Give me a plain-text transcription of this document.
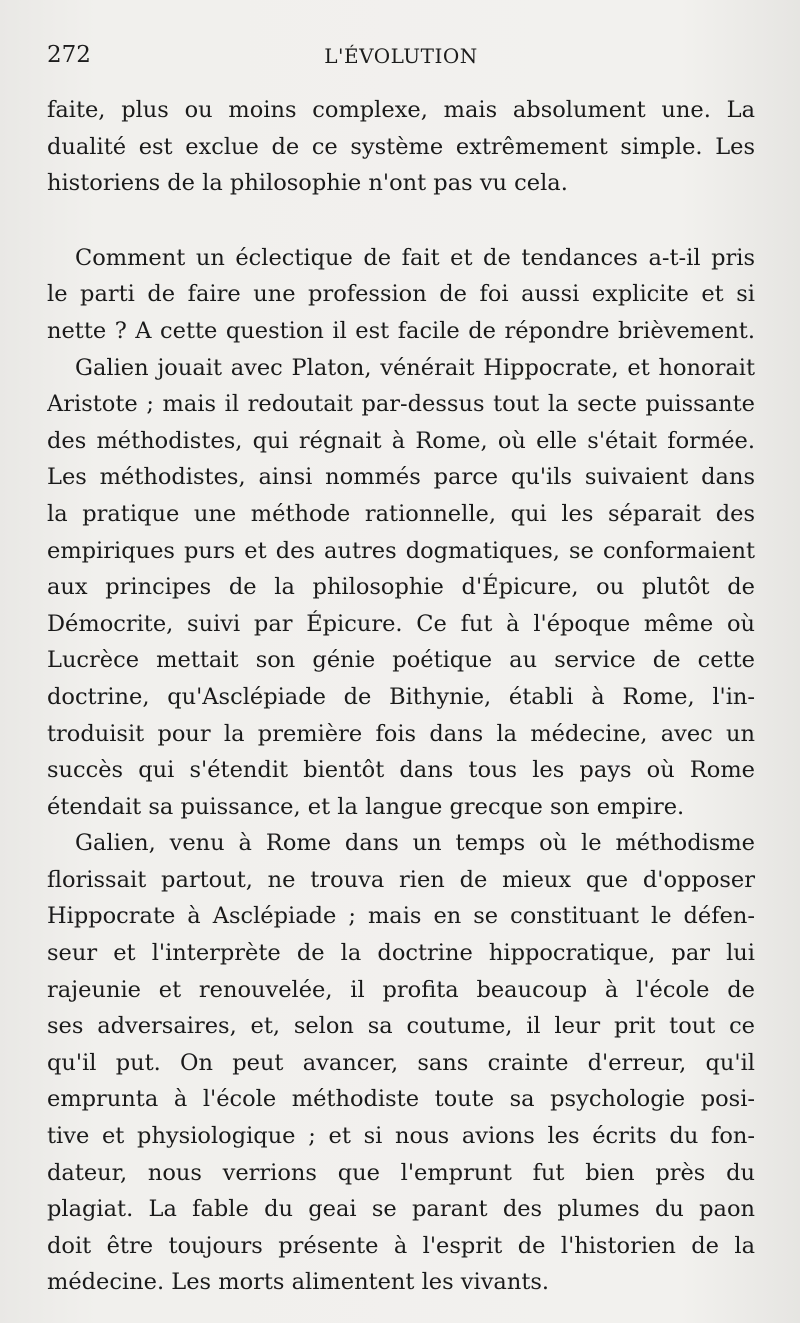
272	L'ÉVOLUTION
faite, plus ou moins complexe, mais absolument une. La
dualité est exclue de ce système extrêmement simple. Les
historiens de la philosophie n'ont pas vu cela.
Comment un éclectique de fait et de tendances a-t-il pris
le parti de faire une profession de foi aussi explicite et si
nette ? A cette question il est facile de répondre brièvement.
Galien jouait avec Platon, vénérait Hippocrate, et honorait
Aristote ; mais il redoutait par-dessus tout la secte puissante
des méthodistes, qui régnait à Rome, où elle s'était formée.
Les méthodistes, ainsi nommés parce qu'ils suivaient dans
la pratique une méthode rationnelle, qui les séparait des
empiriques purs et des autres dogmatiques, se conformaient
aux principes de la philosophie d'Épicure, ou plutôt de
Démocrite, suivi par Épicure. Ce fut à l'époque même où
Lucrèce mettait son génie poétique au service de cette
doctrine, qu'Asclépiade de Bithynie, établi à Rome, l'in-
troduisit pour la première fois dans la médecine, avec un
succès qui s'étendit bientôt dans tous les pays où Rome
étendait sa puissance, et la langue grecque son empire.
Galien, venu à Rome dans un temps où le méthodisme
florissait partout, ne trouva rien de mieux que d'opposer
Hippocrate à Asclépiade ; mais en se constituant le défen-
seur et l'interprète de la doctrine hippocratique, par lui
rajeunie et renouvelée, il profita beaucoup à l'école de
ses adversaires, et, selon sa coutume, il leur prit tout ce
qu'il put. On peut avancer, sans crainte d'erreur, qu'il
emprunta à l'école méthodiste toute sa psychologie posi-
tive et physiologique ; et si nous avions les écrits du fon-
dateur, nous verrions que l'emprunt fut bien près du
plagiat. La fable du geai se parant des plumes du paon
doit être toujours présente à l'esprit de l'historien de la
médecine. Les morts alimentent les vivants.
